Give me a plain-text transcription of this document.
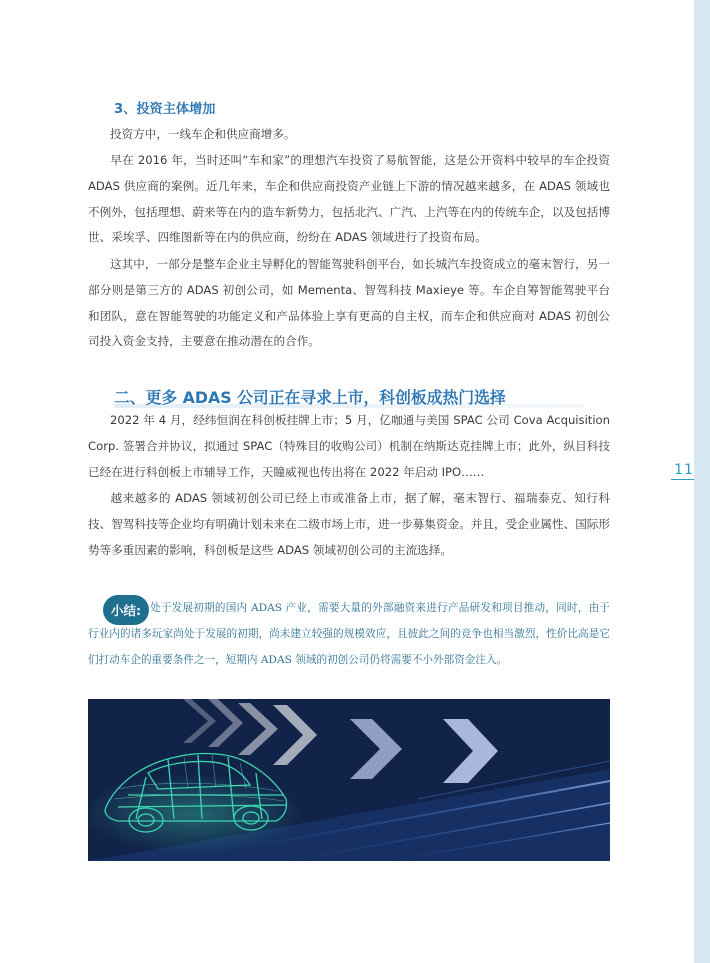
11
3、投资主体增加

投资方中，一线车企和供应商增多。

早在 2016 年，当时还叫“车和家”的理想汽车投资了易航智能，这是公开资料中较早的车企投资 ADAS 供应商的案例。近几年来，车企和供应商投资产业链上下游的情况越来越多，在 ADAS 领域也不例外，包括理想、蔚来等在内的造车新势力，包括北汽、广汽、上汽等在内的传统车企，以及包括博世、采埃孚、四维图新等在内的供应商，纷纷在 ADAS 领域进行了投资布局。

这其中，一部分是整车企业主导孵化的智能驾驶科创平台，如长城汽车投资成立的毫末智行，另一部分则是第三方的 ADAS 初创公司，如 Mementa、智驾科技 Maxieye 等。车企自筹智能驾驶平台和团队，意在智能驾驶的功能定义和产品体验上享有更高的自主权，而车企和供应商对 ADAS 初创公司投入资金支持，主要意在推动潜在的合作。

二、更多 ADAS 公司正在寻求上市，科创板成热门选择

2022 年 4 月，经纬恒润在科创板挂牌上市；5 月，亿咖通与美国 SPAC 公司 Cova Acquisition Corp. 签署合并协议，拟通过 SPAC（特殊目的收购公司）机制在纳斯达克挂牌上市；此外，纵目科技已经在进行科创板上市辅导工作，天瞳威视也传出将在 2022 年启动 IPO……

越来越多的 ADAS 领域初创公司已经上市或准备上市，据了解，毫末智行、福瑞泰克、知行科技、智驾科技等企业均有明确计划未来在二级市场上市，进一步募集资金。并且，受企业属性、国际形势等多重因素的影响，科创板是这些 ADAS 领域初创公司的主流选择。

小结: 处于发展初期的国内 ADAS 产业，需要大量的外部融资来进行产品研发和项目推动，同时，由于行业内的诸多玩家尚处于发展的初期，尚未建立较强的规模效应，且彼此之间的竞争也相当激烈，性价比高是它们打动车企的重要条件之一，短期内 ADAS 领域的初创公司仍将需要不小外部资金注入。
